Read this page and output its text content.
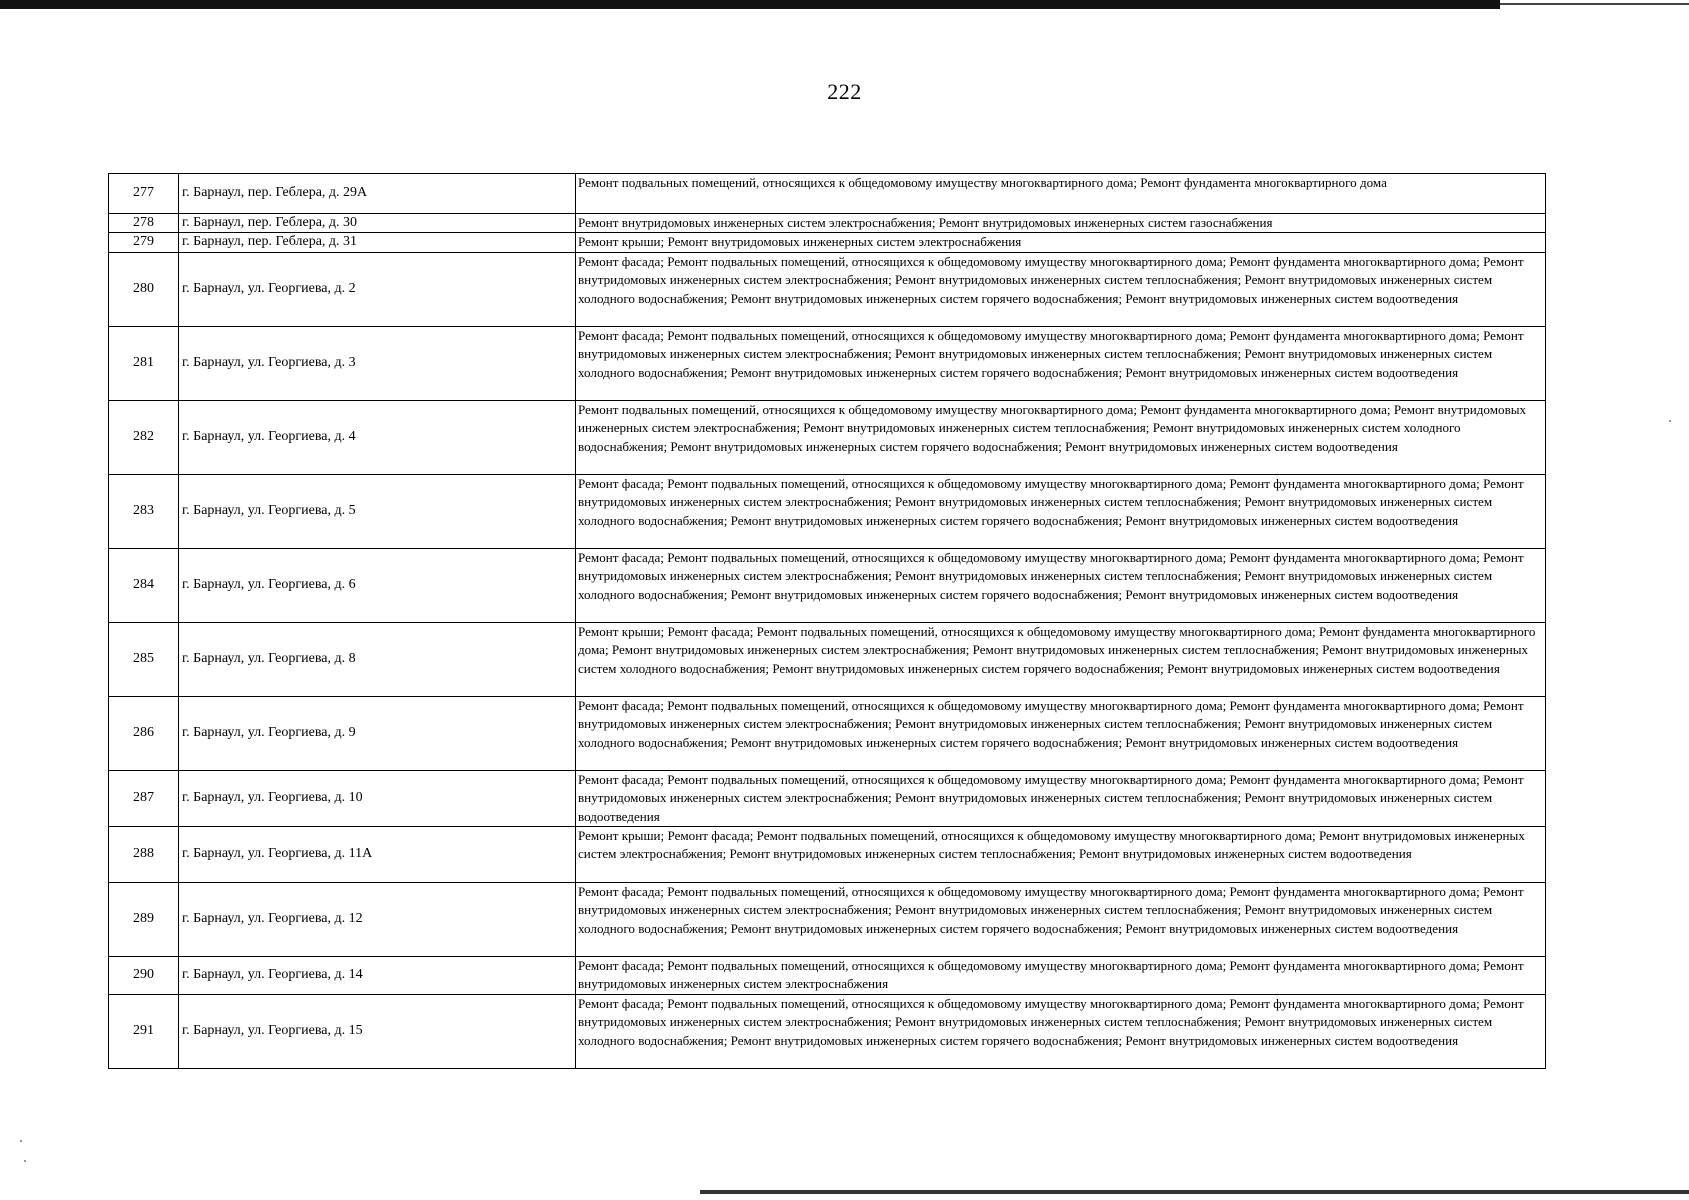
222
277	г. Барнаул, пер. Геблера, д. 29А	Ремонт подвальных помещений, относящихся к общедомовому имуществу многоквартирного дома; Ремонт фундамента многоквартирного дома
278	г. Барнаул, пер. Геблера, д. 30	Ремонт внутридомовых инженерных систем электроснабжения; Ремонт внутридомовых инженерных систем газоснабжения
279	г. Барнаул, пер. Геблера, д. 31	Ремонт крыши; Ремонт внутридомовых инженерных систем электроснабжения
280	г. Барнаул, ул. Георгиева, д. 2	Ремонт фасада; Ремонт подвальных помещений, относящихся к общедомовому имуществу многоквартирного дома; Ремонт фундамента многоквартирного дома; Ремонт внутридомовых инженерных систем электроснабжения; Ремонт внутридомовых инженерных систем теплоснабжения; Ремонт внутридомовых инженерных систем холодного водоснабжения; Ремонт внутридомовых инженерных систем горячего водоснабжения; Ремонт внутридомовых инженерных систем водоотведения
281	г. Барнаул, ул. Георгиева, д. 3	Ремонт фасада; Ремонт подвальных помещений, относящихся к общедомовому имуществу многоквартирного дома; Ремонт фундамента многоквартирного дома; Ремонт внутридомовых инженерных систем электроснабжения; Ремонт внутридомовых инженерных систем теплоснабжения; Ремонт внутридомовых инженерных систем холодного водоснабжения; Ремонт внутридомовых инженерных систем горячего водоснабжения; Ремонт внутридомовых инженерных систем водоотведения
282	г. Барнаул, ул. Георгиева, д. 4	Ремонт подвальных помещений, относящихся к общедомовому имуществу многоквартирного дома; Ремонт фундамента многоквартирного дома; Ремонт внутридомовых инженерных систем электроснабжения; Ремонт внутридомовых инженерных систем теплоснабжения; Ремонт внутридомовых инженерных систем холодного водоснабжения; Ремонт внутридомовых инженерных систем горячего водоснабжения; Ремонт внутридомовых инженерных систем водоотведения
283	г. Барнаул, ул. Георгиева, д. 5	Ремонт фасада; Ремонт подвальных помещений, относящихся к общедомовому имуществу многоквартирного дома; Ремонт фундамента многоквартирного дома; Ремонт внутридомовых инженерных систем электроснабжения; Ремонт внутридомовых инженерных систем теплоснабжения; Ремонт внутридомовых инженерных систем холодного водоснабжения; Ремонт внутридомовых инженерных систем горячего водоснабжения; Ремонт внутридомовых инженерных систем водоотведения
284	г. Барнаул, ул. Георгиева, д. 6	Ремонт фасада; Ремонт подвальных помещений, относящихся к общедомовому имуществу многоквартирного дома; Ремонт фундамента многоквартирного дома; Ремонт внутридомовых инженерных систем электроснабжения; Ремонт внутридомовых инженерных систем теплоснабжения; Ремонт внутридомовых инженерных систем холодного водоснабжения; Ремонт внутридомовых инженерных систем горячего водоснабжения; Ремонт внутридомовых инженерных систем водоотведения
285	г. Барнаул, ул. Георгиева, д. 8	Ремонт крыши; Ремонт фасада; Ремонт подвальных помещений, относящихся к общедомовому имуществу многоквартирного дома; Ремонт фундамента многоквартирного дома; Ремонт внутридомовых инженерных систем электроснабжения; Ремонт внутридомовых инженерных систем теплоснабжения; Ремонт внутридомовых инженерных систем холодного водоснабжения; Ремонт внутридомовых инженерных систем горячего водоснабжения; Ремонт внутридомовых инженерных систем водоотведения
286	г. Барнаул, ул. Георгиева, д. 9	Ремонт фасада; Ремонт подвальных помещений, относящихся к общедомовому имуществу многоквартирного дома; Ремонт фундамента многоквартирного дома; Ремонт внутридомовых инженерных систем электроснабжения; Ремонт внутридомовых инженерных систем теплоснабжения; Ремонт внутридомовых инженерных систем холодного водоснабжения; Ремонт внутридомовых инженерных систем горячего водоснабжения; Ремонт внутридомовых инженерных систем водоотведения
287	г. Барнаул, ул. Георгиева, д. 10	Ремонт фасада; Ремонт подвальных помещений, относящихся к общедомовому имуществу многоквартирного дома; Ремонт фундамента многоквартирного дома; Ремонт внутридомовых инженерных систем электроснабжения; Ремонт внутридомовых инженерных систем теплоснабжения; Ремонт внутридомовых инженерных систем водоотведения
288	г. Барнаул, ул. Георгиева, д. 11А	Ремонт крыши; Ремонт фасада; Ремонт подвальных помещений, относящихся к общедомовому имуществу многоквартирного дома; Ремонт внутридомовых инженерных систем электроснабжения; Ремонт внутридомовых инженерных систем теплоснабжения; Ремонт внутридомовых инженерных систем водоотведения
289	г. Барнаул, ул. Георгиева, д. 12	Ремонт фасада; Ремонт подвальных помещений, относящихся к общедомовому имуществу многоквартирного дома; Ремонт фундамента многоквартирного дома; Ремонт внутридомовых инженерных систем электроснабжения; Ремонт внутридомовых инженерных систем теплоснабжения; Ремонт внутридомовых инженерных систем холодного водоснабжения; Ремонт внутридомовых инженерных систем горячего водоснабжения; Ремонт внутридомовых инженерных систем водоотведения
290	г. Барнаул, ул. Георгиева, д. 14	Ремонт фасада; Ремонт подвальных помещений, относящихся к общедомовому имуществу многоквартирного дома; Ремонт фундамента многоквартирного дома; Ремонт внутридомовых инженерных систем электроснабжения
291	г. Барнаул, ул. Георгиева, д. 15	Ремонт фасада; Ремонт подвальных помещений, относящихся к общедомовому имуществу многоквартирного дома; Ремонт фундамента многоквартирного дома; Ремонт внутридомовых инженерных систем электроснабжения; Ремонт внутридомовых инженерных систем теплоснабжения; Ремонт внутридомовых инженерных систем холодного водоснабжения; Ремонт внутридомовых инженерных систем горячего водоснабжения; Ремонт внутридомовых инженерных систем водоотведения
